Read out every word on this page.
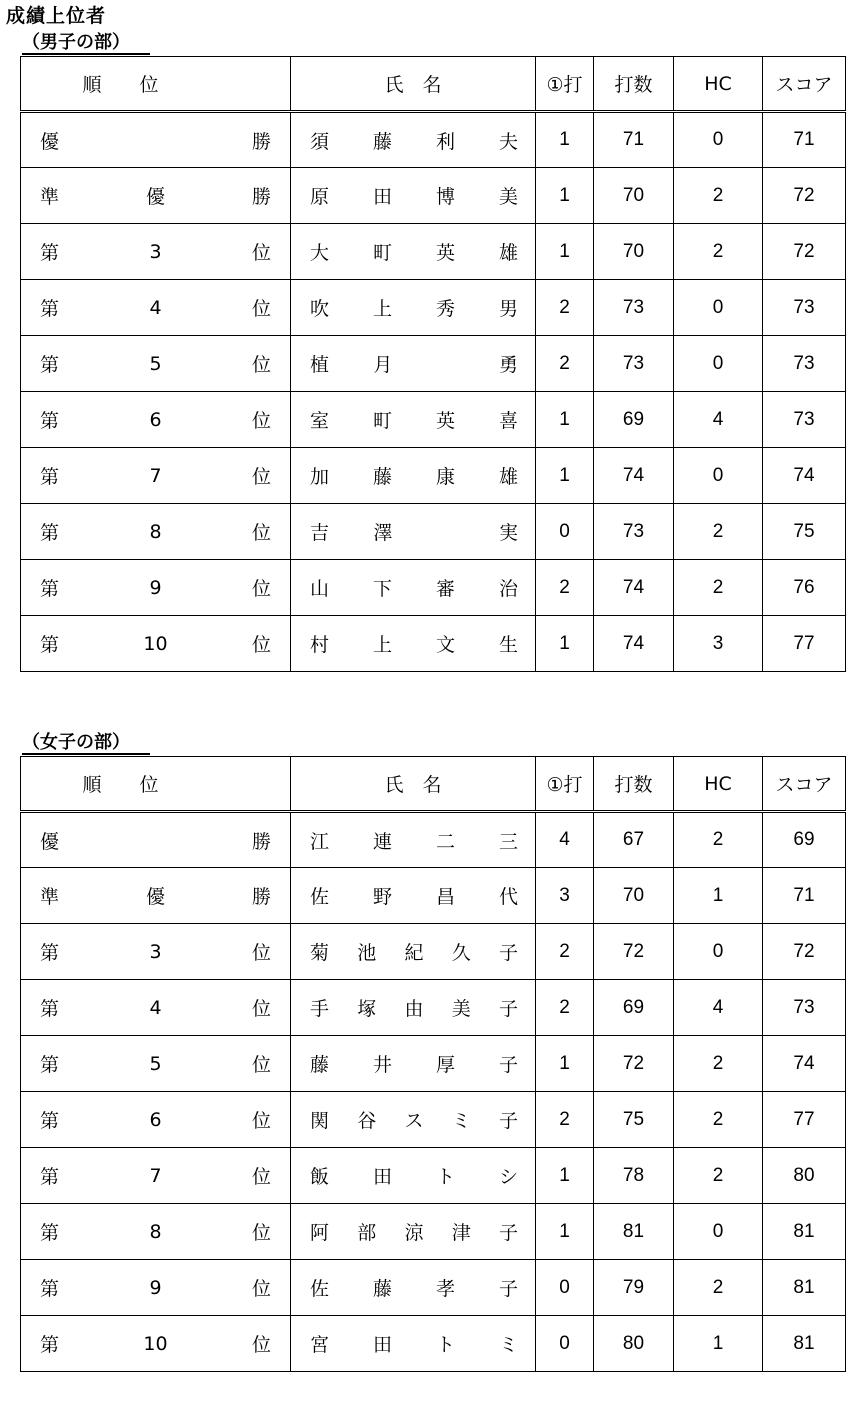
成績上位者
（男子の部）
順　　位	氏　名	①打	打数	HC	スコア

優 勝	須 藤 利 夫	1	71	0	71

準 優 勝	原 田 博 美	1	70	2	72

第 3 位	大 町 英 雄	1	70	2	72

第 4 位	吹 上 秀 男	2	73	0	73

第 5 位	植 月 勇	2	73	0	73

第 6 位	室 町 英 喜	1	69	4	73

第 7 位	加 藤 康 雄	1	74	0	74

第 8 位	吉 澤 実	0	73	2	75

第 9 位	山 下 審 治	2	74	2	76

第 10 位	村 上 文 生	1	74	3	77
（女子の部）
順　　位	氏　名	①打	打数	HC	スコア

優 勝	江 連 二 三	4	67	2	69

準 優 勝	佐 野 昌 代	3	70	1	71

第 3 位	菊 池 紀 久 子	2	72	0	72

第 4 位	手 塚 由 美 子	2	69	4	73

第 5 位	藤 井 厚 子	1	72	2	74

第 6 位	関 谷 ス ミ 子	2	75	2	77

第 7 位	飯 田 ト シ	1	78	2	80

第 8 位	阿 部 涼 津 子	1	81	0	81

第 9 位	佐 藤 孝 子	0	79	2	81

第 10 位	宮 田 ト ミ	0	80	1	81
